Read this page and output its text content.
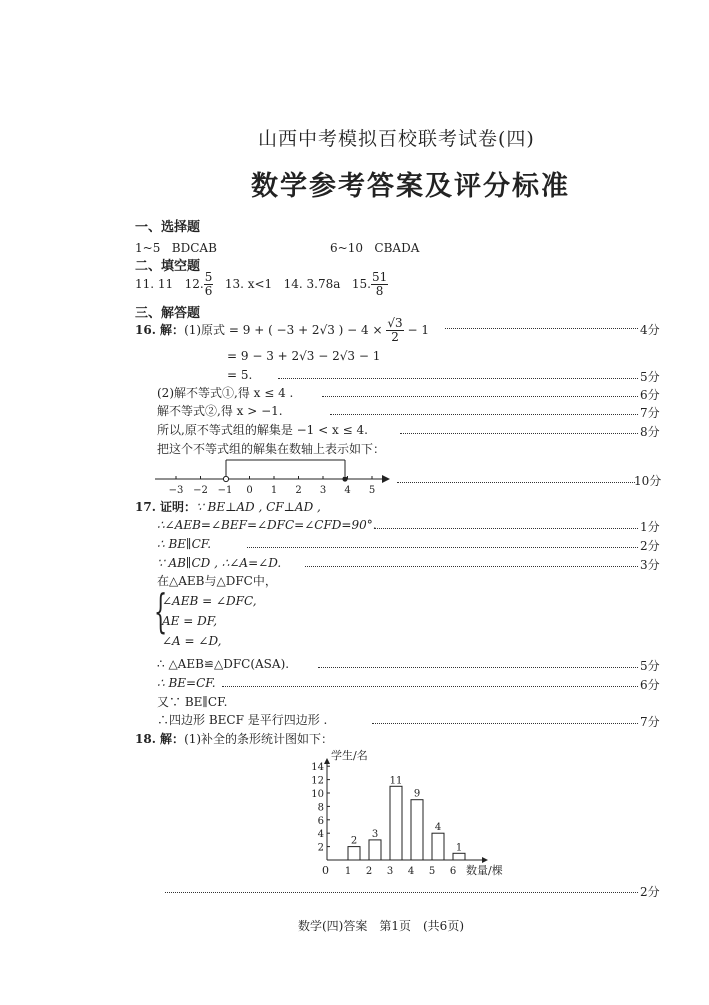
山西中考模拟百校联考试卷(四)
数学参考答案及评分标准
一、选择题
1~5 BDCAB	6~10 CBADA
二、填空题
11. 11
12. $\frac{5}{6}$
13. x<1
14. 3.78a
15. $\frac{51}{8}$
三、解答题
16. 解： (1)原式 = 9 + ( −3 + 2√3 ) − 4 ×
$\frac{√3}{2}$
− 1	4分
= 9 − 3 + 2√3 − 2√3 − 1
= 5.	5分
(2)解不等式①,得 x ≤ 4 .	6分
解不等式②,得 x > −1.	7分
所以,原不等式组的解集是 −1 < x ≤ 4.	8分
把这个不等式组的解集在数轴上表示如下：
−3 −2 −1 0 1 2 3 4 5
10分
17. 证明：∵ BE⊥AD , CF⊥AD ,
∴∠AEB=∠BEF=∠DFC=∠CFD=90°.	1分
∴ BE∥CF.	2分
∵ AB∥CD , ∴∠A=∠D.	3分
在△AEB与△DFC中，
{
∠AEB = ∠DFC,
AE = DF,
∠A = ∠D,
∴ △AEB≌△DFC(ASA).	5分
∴ BE=CF.	6分
又∵ BE∥CF.
∴四边形 BECF 是平行四边形 .	7分
18. 解：(1)补全的条形统计图如下：
学生/名
数量/棵
0
2
4
6
8
10
12
14
1
2
2
3
3
11
4
9
5
4
6
1
2分
数学(四)答案　第1页　(共6页)
